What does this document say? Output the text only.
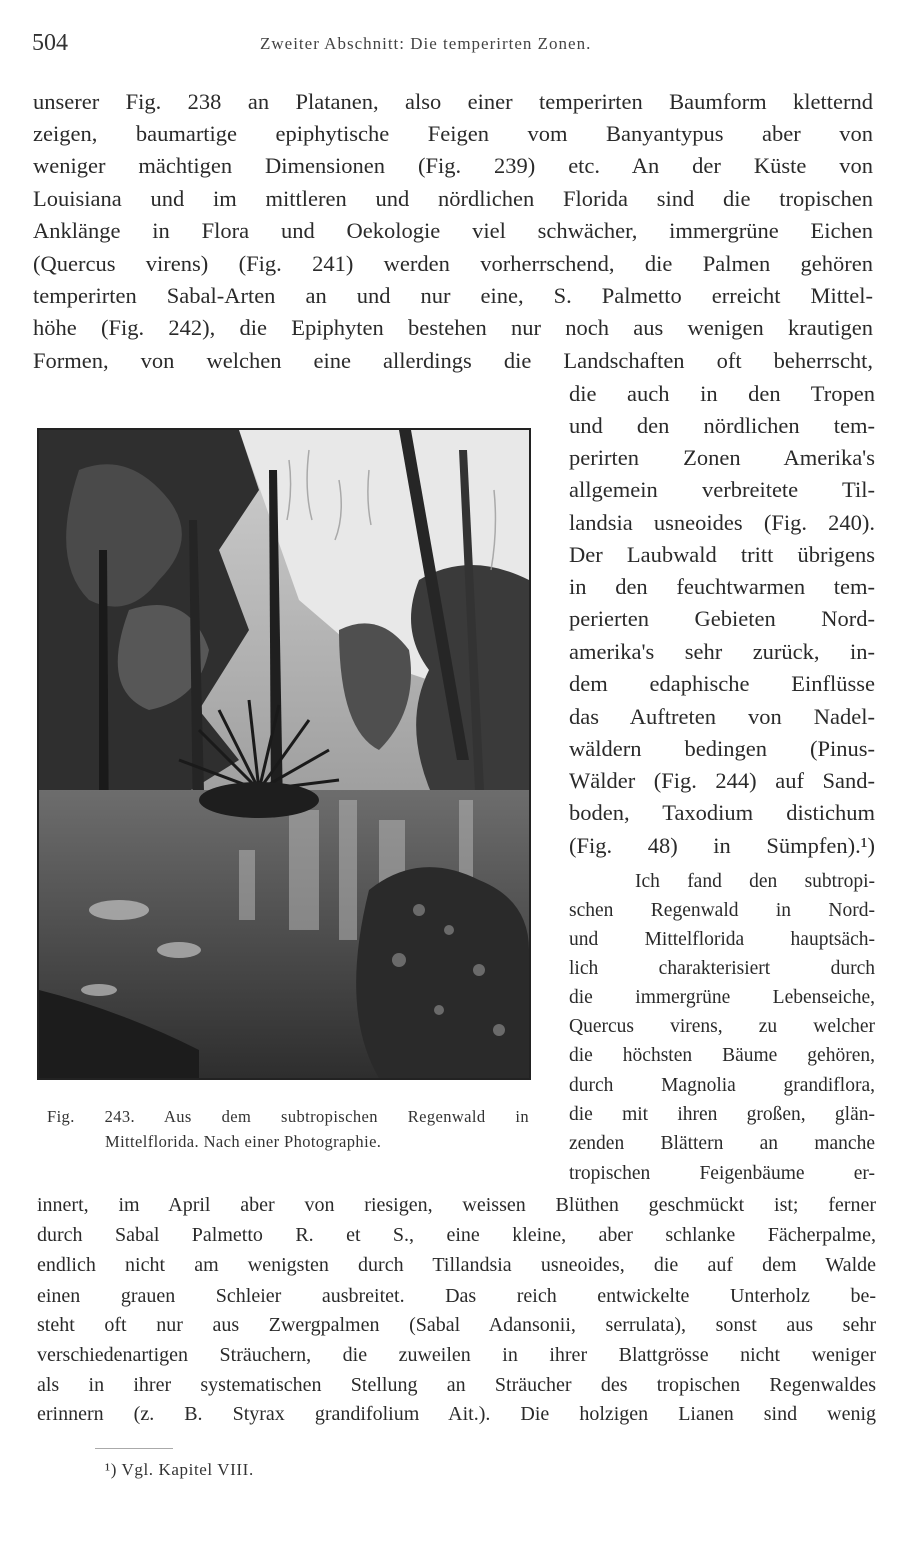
504	Zweiter Abschnitt: Die temperirten Zonen.
unserer Fig. 238 an Platanen, also einer temperirten Baumform kletternd
zeigen, baumartige epiphytische Feigen vom Banyantypus aber von
weniger mächtigen Dimensionen (Fig. 239) etc. An der Küste von
Louisiana und im mittleren und nördlichen Florida sind die tropischen
Anklänge in Flora und Oekologie viel schwächer, immergrüne Eichen
(Quercus virens) (Fig. 241) werden vorherrschend, die Palmen gehören
temperirten Sabal-Arten an und nur eine, S. Palmetto erreicht Mittel-
höhe (Fig. 242), die Epiphyten bestehen nur noch aus wenigen krautigen
Formen, von welchen eine allerdings die Landschaften oft beherrscht,
die auch in den Tropen
und den nördlichen tem-
perirten Zonen Amerika's
allgemein verbreitete Til-
landsia usneoides (Fig. 240).
Der Laubwald tritt übrigens
in den feuchtwarmen tem-
perierten Gebieten Nord-
amerika's sehr zurück, in-
dem edaphische Einflüsse
das Auftreten von Nadel-
wäldern bedingen (Pinus-
Wälder (Fig. 244) auf Sand-
boden, Taxodium distichum
(Fig. 48) in Sümpfen).¹)
Ich fand den subtropi-
schen Regenwald in Nord-
und Mittelflorida hauptsäch-
lich charakterisiert durch
die immergrüne Lebenseiche,
Quercus virens, zu welcher
die höchsten Bäume gehören,
durch Magnolia grandiflora,
die mit ihren großen, glän-
zenden Blättern an manche
tropischen Feigenbäume er-
innert, im April aber von riesigen, weissen Blüthen geschmückt ist; ferner
durch Sabal Palmetto R. et S., eine kleine, aber schlanke Fächerpalme,
endlich nicht am wenigsten durch Tillandsia usneoides, die auf dem Walde
einen grauen Schleier ausbreitet. Das reich entwickelte Unterholz be-
steht oft nur aus Zwergpalmen (Sabal Adansonii, serrulata), sonst aus sehr
verschiedenartigen Sträuchern, die zuweilen in ihrer Blattgrösse nicht weniger
als in ihrer systematischen Stellung an Sträucher des tropischen Regenwaldes
erinnern (z. B. Styrax grandifolium Ait.). Die holzigen Lianen sind wenig
Fig. 243. Aus dem subtropischen Regenwald in
Mittelflorida. Nach einer Photographie.
¹) Vgl. Kapitel VIII.
